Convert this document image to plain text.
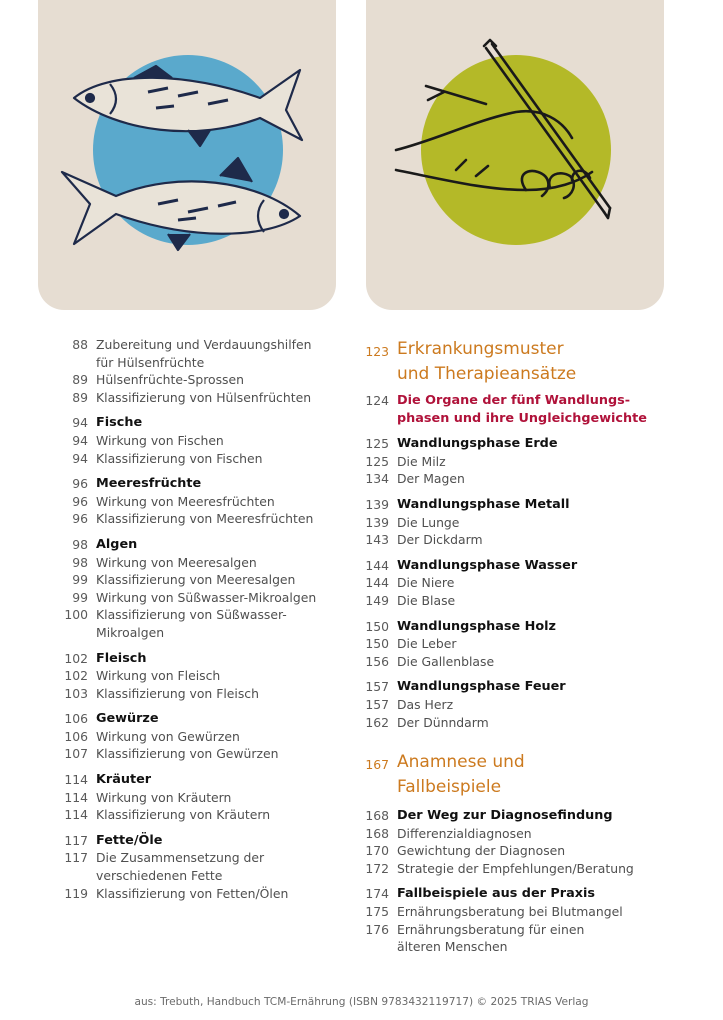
88 Zubereitung und Verdauungshilfen
für Hülsenfrüchte
89 Hülsenfrüchte-Sprossen
89 Klassifizierung von Hülsenfrüchten
94 Fische
94 Wirkung von Fischen
94 Klassifizierung von Fischen
96 Meeresfrüchte
96 Wirkung von Meeresfrüchten
96 Klassifizierung von Meeresfrüchten
98 Algen
98 Wirkung von Meeresalgen
99 Klassifizierung von Meeresalgen
99 Wirkung von Süßwasser-Mikroalgen
100 Klassifizierung von Süßwasser-
Mikroalgen
102 Fleisch
102 Wirkung von Fleisch
103 Klassifizierung von Fleisch
106 Gewürze
106 Wirkung von Gewürzen
107 Klassifizierung von Gewürzen
114 Kräuter
114 Wirkung von Kräutern
114 Klassifizierung von Kräutern
117 Fette/Öle
117 Die Zusammensetzung der
verschiedenen Fette
119 Klassifizierung von Fetten/Ölen
123 Erkrankungsmuster
und Therapieansätze
124 Die Organe der fünf Wandlungs-
phasen und ihre Ungleichgewichte
125 Wandlungsphase Erde
125 Die Milz
134 Der Magen
139 Wandlungsphase Metall
139 Die Lunge
143 Der Dickdarm
144 Wandlungsphase Wasser
144 Die Niere
149 Die Blase
150 Wandlungsphase Holz
150 Die Leber
156 Die Gallenblase
157 Wandlungsphase Feuer
157 Das Herz
162 Der Dünndarm
167 Anamnese und
Fallbeispiele
168 Der Weg zur Diagnosefindung
168 Differenzialdiagnosen
170 Gewichtung der Diagnosen
172 Strategie der Empfehlungen/Beratung
174 Fallbeispiele aus der Praxis
175 Ernährungsberatung bei Blutmangel
176 Ernährungsberatung für einen
älteren Menschen
aus: Trebuth, Handbuch TCM-Ernährung (ISBN 9783432119717) © 2025 TRIAS Verlag
